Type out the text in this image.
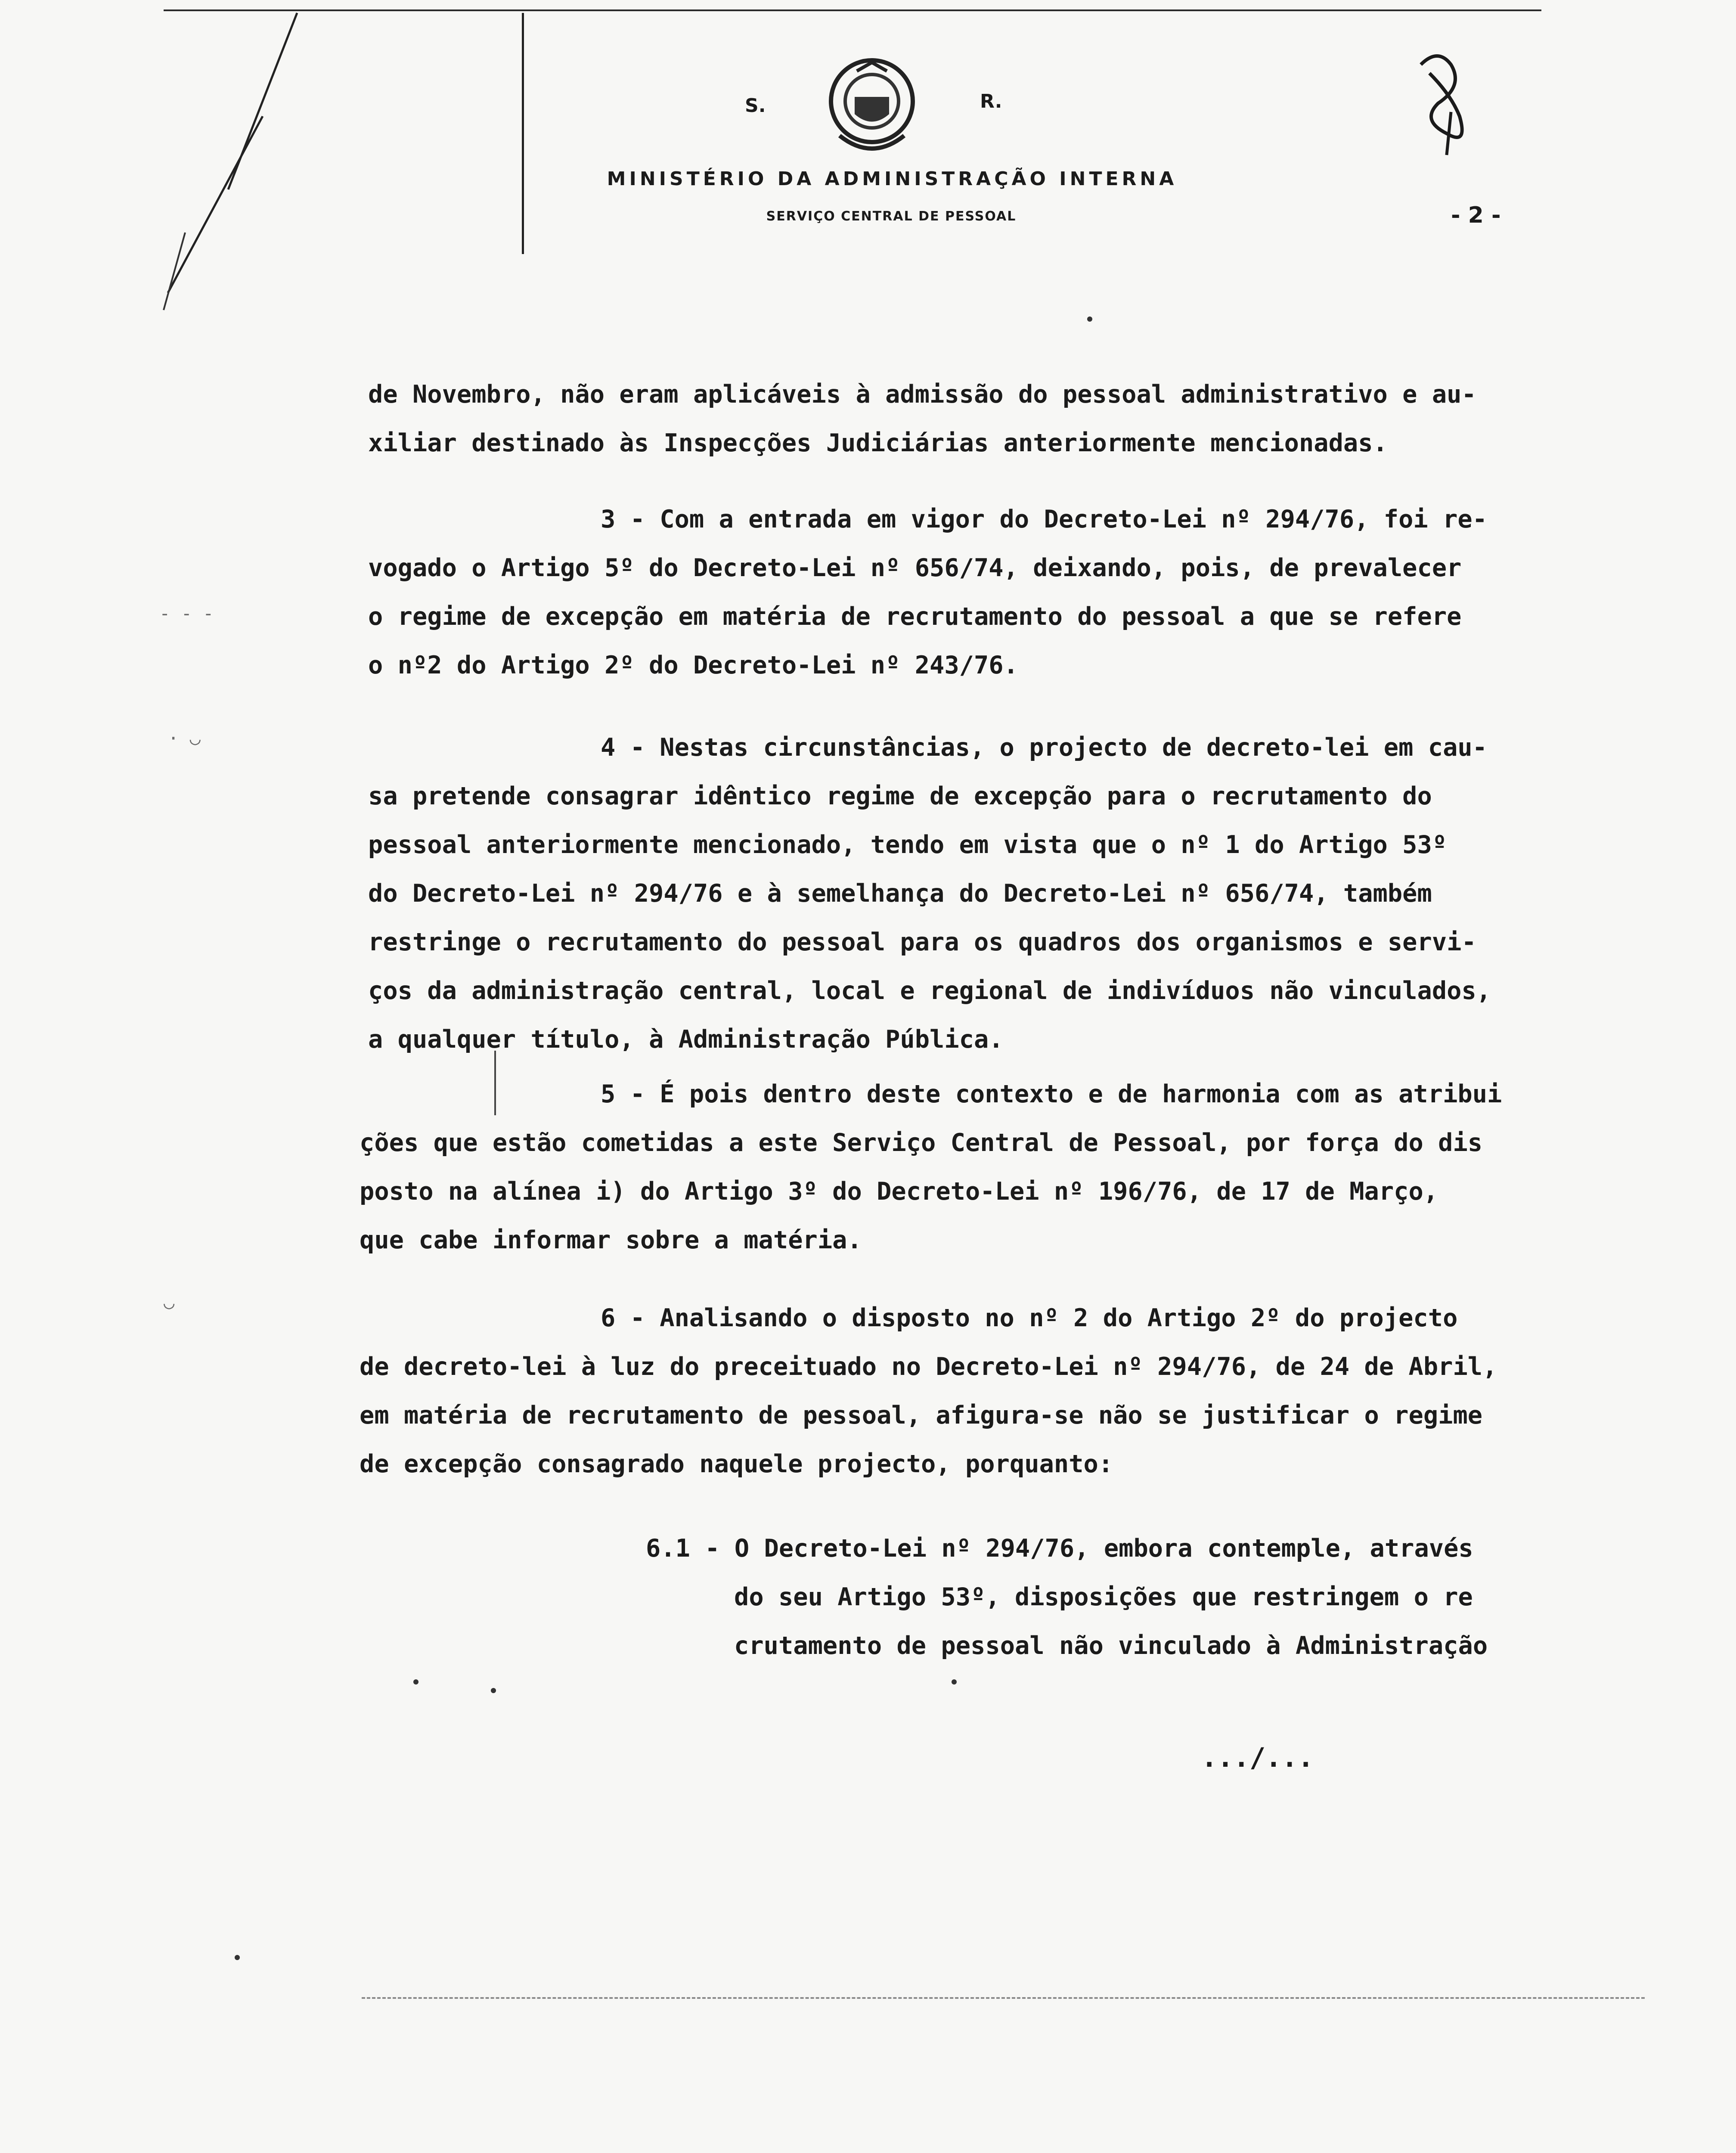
S.	R.
MINISTÉRIO DA ADMINISTRAÇÃO INTERNA
SERVIÇO CENTRAL DE PESSOAL	- 2 -
de Novembro, não eram aplicáveis à admissão do pessoal administrativo e au-
xiliar destinado às Inspecções Judiciárias anteriormente mencionadas.
3 - Com a entrada em vigor do Decreto-Lei nº 294/76, foi re-
vogado o Artigo 5º do Decreto-Lei nº 656/74, deixando, pois, de prevalecer
o regime de excepção em matéria de recrutamento do pessoal a que se refere
o nº2 do Artigo 2º do Decreto-Lei nº 243/76.
4 - Nestas circunstâncias, o projecto de decreto-lei em cau-
sa pretende consagrar idêntico regime de excepção para o recrutamento do
pessoal anteriormente mencionado, tendo em vista que o nº 1 do Artigo 53º
do Decreto-Lei nº 294/76 e à semelhança do Decreto-Lei nº 656/74, também
restringe o recrutamento do pessoal para os quadros dos organismos e servi-
ços da administração central, local e regional de indivíduos não vinculados,
a qualquer título, à Administração Pública.
5 - É pois dentro deste contexto e de harmonia com as atribui
ções que estão cometidas a este Serviço Central de Pessoal, por força do dis
posto na alínea i) do Artigo 3º do Decreto-Lei nº 196/76, de 17 de Março,
que cabe informar sobre a matéria.
6 - Analisando o disposto no nº 2 do Artigo 2º do projecto
de decreto-lei à luz do preceituado no Decreto-Lei nº 294/76, de 24 de Abril,
em matéria de recrutamento de pessoal, afigura-se não se justificar o regime
de excepção consagrado naquele projecto, porquanto:
6.1 - O Decreto-Lei nº 294/76, embora contemple, através
do seu Artigo 53º, disposições que restringem o re
crutamento de pessoal não vinculado à Administração
.../...
- - -
· ◡
◡
